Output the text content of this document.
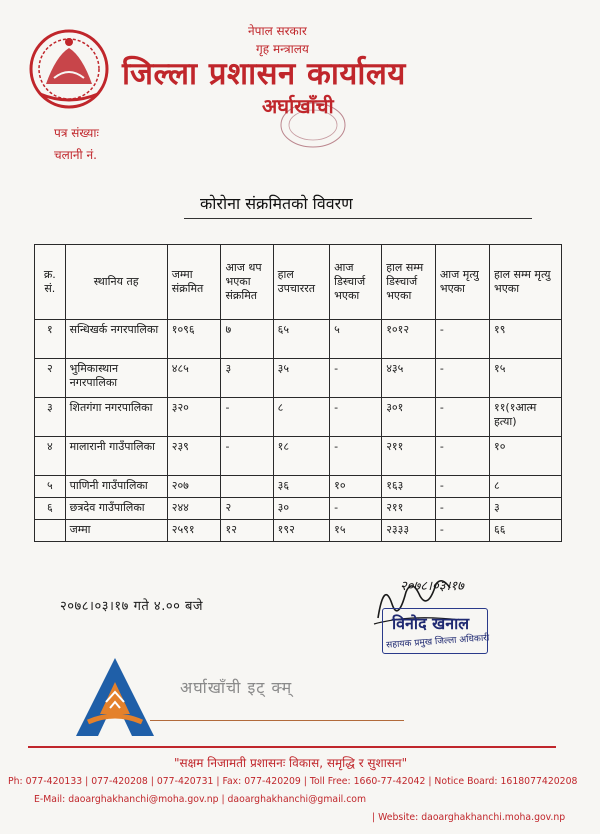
नेपाल सरकार
गृह मन्त्रालय
जिल्ला प्रशासन कार्यालय
अर्घाखाँची
पत्र संख्याः
चलानी नं.
कोरोना संक्रमितको विवरण
क्र. सं.	स्थानिय तह	जम्मा संक्रमित	आज थप भएका संक्रमित	हाल उपचाररत	आज डिस्चार्ज भएका	हाल सम्म डिस्चार्ज भएका	आज मृत्यु भएका	हाल सम्म मृत्यु भएका
१	सन्धिखर्क नगरपालिका	१०९६	७	६५	५	१०१२	-	१९
२	भुमिकास्थान नगरपालिका	४८५	३	३५	-	४३५	-	१५
३	शितगंगा नगरपालिका	३२०	-	८	-	३०१	-	११(१आत्म हत्या)
४	मालारानी गाउँपालिका	२३९	-	१८	-	२११	-	१०
५	पाणिनी गाउँपालिका	२०७		३६	१०	१६३	-	८
६	छत्रदेव गाउँपालिका	२४४	२	३०	-	२११	-	३
	जम्मा	२५९१	१२	१९२	१५	२३३३	-	६६
२०७८।०३।१७ गते ४.०० बजे
२०७८।०३।१७
विनोद खनाल
सहायक प्रमुख जिल्ला अधिकारी
अर्घाखाँची इट् क्म्
"सक्षम निजामती प्रशासनः विकास, समृद्धि र सुशासन"
Ph: 077-420133 | 077-420208 | 077-420731 | Fax: 077-420209 | Toll Free: 1660-77-42042 | Notice Board: 1618077420208
E-Mail: daoarghakhanchi@moha.gov.np | daoarghakhanchi@gmail.com
| Website: daoarghakhanchi.moha.gov.np
